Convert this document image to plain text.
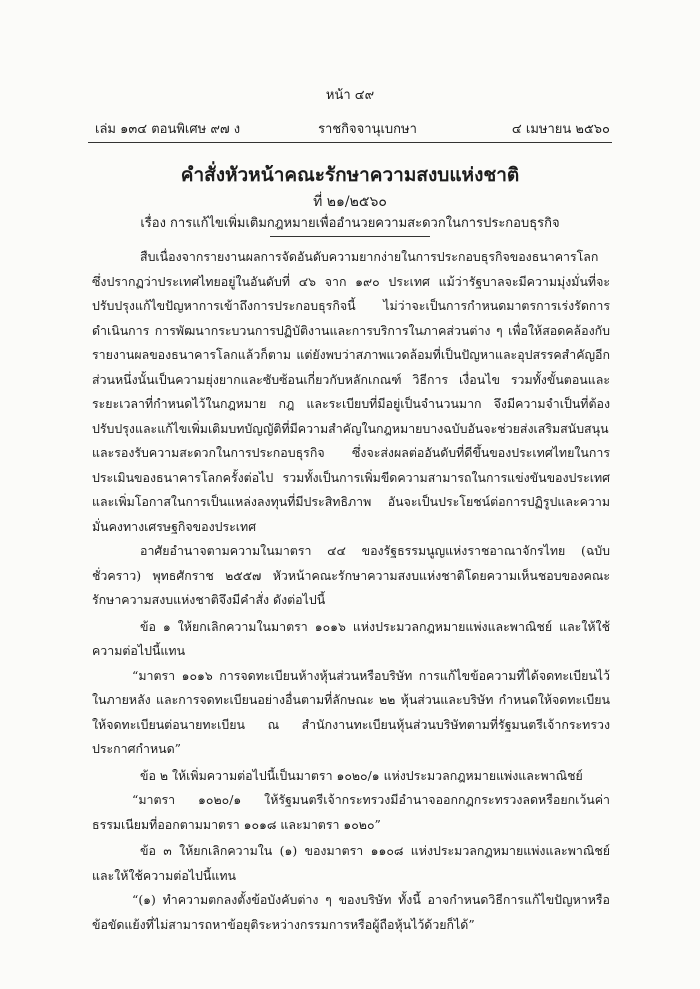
หน้า ๔๙
เล่ม ๑๓๔ ตอนพิเศษ ๙๗ ง	ราชกิจจานุเบกษา	๔ เมษายน ๒๕๖๐
คำสั่งหัวหน้าคณะรักษาความสงบแห่งชาติ
ที่ ๒๑/๒๕๖๐
เรื่อง การแก้ไขเพิ่มเติมกฎหมายเพื่ออำนวยความสะดวกในการประกอบธุรกิจ

สืบเนื่องจากรายงานผลการจัดอันดับความยากง่ายในการประกอบธุรกิจของธนาคารโลก ซึ่งปรากฏว่าประเทศไทยอยู่ในอันดับที่ ๔๖ จาก ๑๙๐ ประเทศ แม้ว่ารัฐบาลจะมีความมุ่งมั่นที่จะปรับปรุงแก้ไขปัญหาการเข้าถึงการประกอบธุรกิจนี้ ไม่ว่าจะเป็นการกำหนดมาตรการเร่งรัดการดำเนินการ การพัฒนากระบวนการปฏิบัติงานและการบริการในภาคส่วนต่าง ๆ เพื่อให้สอดคล้องกับรายงานผลของธนาคารโลกแล้วก็ตาม แต่ยังพบว่าสภาพแวดล้อมที่เป็นปัญหาและอุปสรรคสำคัญอีกส่วนหนึ่งนั้นเป็นความยุ่งยากและซับซ้อนเกี่ยวกับหลักเกณฑ์ วิธีการ เงื่อนไข รวมทั้งขั้นตอนและระยะเวลาที่กำหนดไว้ในกฎหมาย กฎ และระเบียบที่มีอยู่เป็นจำนวนมาก จึงมีความจำเป็นที่ต้องปรับปรุงและแก้ไขเพิ่มเติมบทบัญญัติที่มีความสำคัญในกฎหมายบางฉบับอันจะช่วยส่งเสริมสนับสนุนและรองรับความสะดวกในการประกอบธุรกิจ ซึ่งจะส่งผลต่ออันดับที่ดีขึ้นของประเทศไทยในการประเมินของธนาคารโลกครั้งต่อไป รวมทั้งเป็นการเพิ่มขีดความสามารถในการแข่งขันของประเทศและเพิ่มโอกาสในการเป็นแหล่งลงทุนที่มีประสิทธิภาพ อันจะเป็นประโยชน์ต่อการปฏิรูปและความมั่นคงทางเศรษฐกิจของประเทศ

อาศัยอำนาจตามความในมาตรา ๔๔ ของรัฐธรรมนูญแห่งราชอาณาจักรไทย (ฉบับชั่วคราว) พุทธศักราช ๒๕๕๗ หัวหน้าคณะรักษาความสงบแห่งชาติโดยความเห็นชอบของคณะรักษาความสงบแห่งชาติจึงมีคำสั่ง ดังต่อไปนี้

ข้อ ๑ ให้ยกเลิกความในมาตรา ๑๐๑๖ แห่งประมวลกฎหมายแพ่งและพาณิชย์ และให้ใช้ความต่อไปนี้แทน

“มาตรา ๑๐๑๖ การจดทะเบียนห้างหุ้นส่วนหรือบริษัท การแก้ไขข้อความที่ได้จดทะเบียนไว้ในภายหลัง และการจดทะเบียนอย่างอื่นตามที่ลักษณะ ๒๒ หุ้นส่วนและบริษัท กำหนดให้จดทะเบียน ให้จดทะเบียนต่อนายทะเบียน ณ สำนักงานทะเบียนหุ้นส่วนบริษัทตามที่รัฐมนตรีเจ้ากระทรวงประกาศกำหนด”

ข้อ ๒ ให้เพิ่มความต่อไปนี้เป็นมาตรา ๑๐๒๐/๑ แห่งประมวลกฎหมายแพ่งและพาณิชย์

“มาตรา ๑๐๒๐/๑ ให้รัฐมนตรีเจ้ากระทรวงมีอำนาจออกกฎกระทรวงลดหรือยกเว้นค่าธรรมเนียมที่ออกตามมาตรา ๑๐๑๘ และมาตรา ๑๐๒๐”

ข้อ ๓ ให้ยกเลิกความใน (๑) ของมาตรา ๑๑๐๘ แห่งประมวลกฎหมายแพ่งและพาณิชย์ และให้ใช้ความต่อไปนี้แทน

“(๑) ทำความตกลงตั้งข้อบังคับต่าง ๆ ของบริษัท ทั้งนี้ อาจกำหนดวิธีการแก้ไขปัญหาหรือข้อขัดแย้งที่ไม่สามารถหาข้อยุติระหว่างกรรมการหรือผู้ถือหุ้นไว้ด้วยก็ได้”
